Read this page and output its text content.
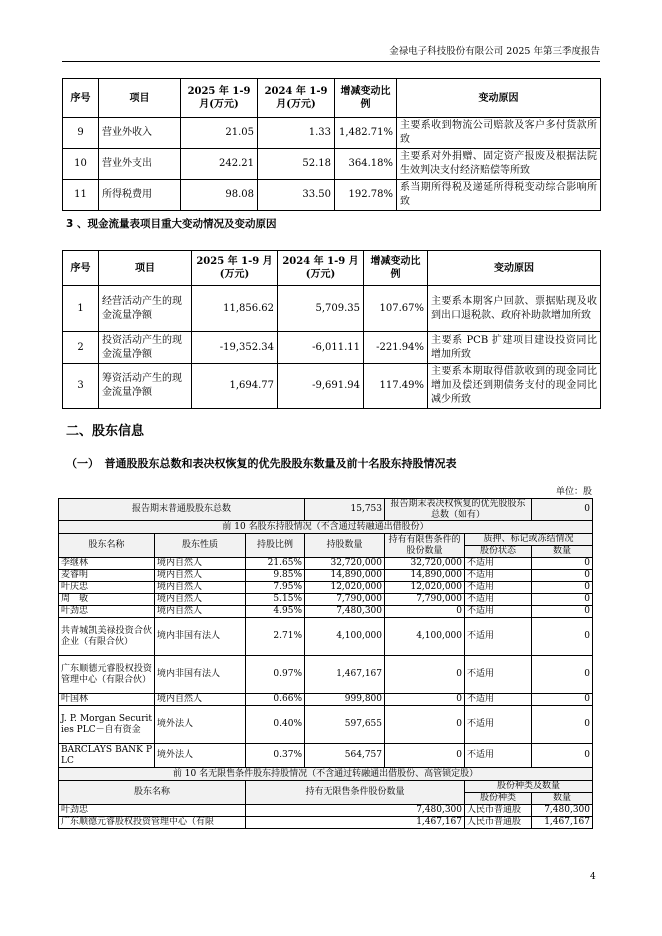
金禄电子科技股份有限公司 2025 年第三季度报告
序号	项目	2025 年 1-9 月(万元)	2024 年 1-9 月(万元)	增减变动比例	变动原因
9	营业外收入	21.05	1.33	1,482.71%	主要系收到物流公司赔款及客户多付货款所致
10	营业外支出	242.21	52.18	364.18%	主要系对外捐赠、固定资产报废及根据法院生效判决支付经济赔偿等所致
11	所得税费用	98.08	33.50	192.78%	系当期所得税及递延所得税变动综合影响所致
3 、现金流量表项目重大变动情况及变动原因
序号	项目	2025 年 1-9 月(万元)	2024 年 1-9 月(万元)	增减变动比例	变动原因
1	经营活动产生的现金流量净额	11,856.62	5,709.35	107.67%	主要系本期客户回款、票据贴现及收到出口退税款、政府补助款增加所致
2	投资活动产生的现金流量净额	-19,352.34	-6,011.11	-221.94%	主要系 PCB 扩建项目建设投资同比增加所致
3	筹资活动产生的现金流量净额	1,694.77	-9,691.94	117.49%	主要系本期取得借款收到的现金同比增加及偿还到期债务支付的现金同比减少所致
二、股东信息
（一）　普通股股东总数和表决权恢复的优先股股东数量及前十名股东持股情况表
单位：股
报告期末普通股股东总数			15,753	报告期末表决权恢复的优先股股东总数（如有）		0
前 10 名股东持股情况（不含通过转融通出借股份）						
股东名称	股东性质	持股比例	持股数量	持有有限售条件的股份数量	质押、标记或冻结情况	
					股份状态	数量
李继林	境内自然人	21.65%	32,720,000	32,720,000	不适用	0
麦睿明	境内自然人	9.85%	14,890,000	14,890,000	不适用	0
叶庆忠	境内自然人	7.95%	12,020,000	12,020,000	不适用	0
周　敏	境内自然人	5.15%	7,790,000	7,790,000	不适用	0
叶劲忠	境内自然人	4.95%	7,480,300	0	不适用	0
共青城凯美禄投资合伙企业（有限合伙）	境内非国有法人	2.71%	4,100,000	4,100,000	不适用	0
广东顺德元睿股权投资管理中心（有限合伙）	境内非国有法人	0.97%	1,467,167	0	不适用	0
叶国林	境内自然人	0.66%	999,800	0	不适用	0
J. P. Morgan Securities PLC－自有资金	境外法人	0.40%	597,655	0	不适用	0
BARCLAYS BANK PLC	境外法人	0.37%	564,757	0	不适用	0
前 10 名无限售条件股东持股情况（不含通过转融通出借股份、高管锁定股）						
股东名称		持有无限售条件股份数量			股份种类及数量	
					股份种类	数量
叶劲忠		7,480,300			人民币普通股	7,480,300
广东顺德元睿股权投资管理中心（有限		1,467,167			人民币普通股	1,467,167
4
